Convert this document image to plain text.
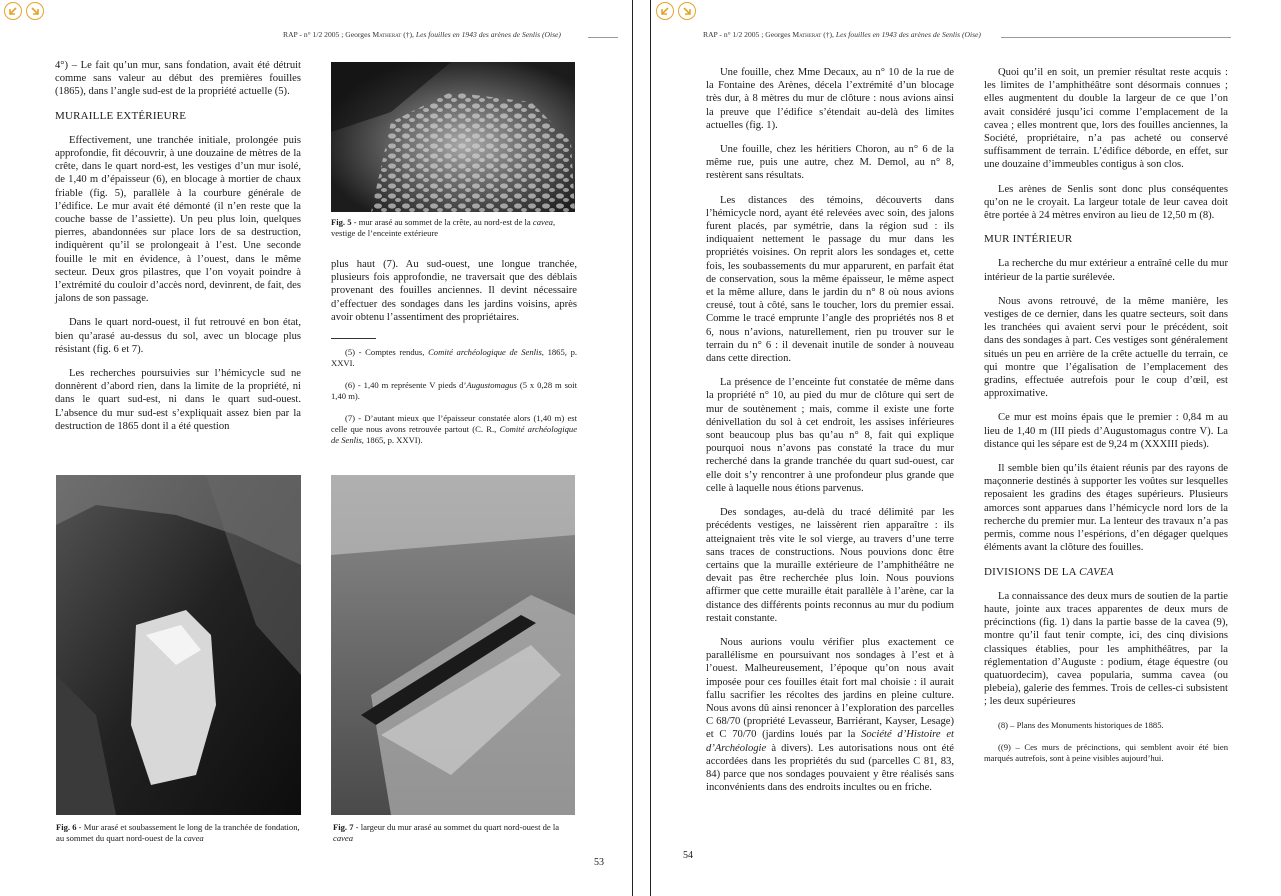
RAP - n° 1/2 2005 ; Georges Matherat (†), Les fouilles en 1943 des arènes de Senlis (Oise)

4°) – Le fait qu’un mur, sans fondation, avait été détruit comme sans valeur au début des premières fouilles (1865), dans l’angle sud-est de la propriété actuelle (5).

MURAILLE EXTÉRIEURE

Effectivement, une tranchée initiale, prolongée puis approfondie, fit découvrir, à une douzaine de mètres de la crête, dans le quart nord-est, les vestiges d’un mur isolé, de 1,40 m d’épaisseur (6), en blocage à mortier de chaux friable (fig. 5), parallèle à la courbure générale de l’édifice. Le mur avait été démonté (il n’en reste que la couche basse de l’assiette). Un peu plus loin, quelques pierres, abandonnées sur place lors de sa destruction, indiquèrent qu’il se prolongeait à l’est. Une seconde fouille le mit en évidence, à l’ouest, dans le même secteur. Deux gros pilastres, que l’on voyait poindre à l’extrémité du couloir d’accès nord, devinrent, de fait, des jalons de son passage.

Dans le quart nord-ouest, il fut retrouvé en bon état, bien qu’arasé au-dessus du sol, avec un blocage plus résistant (fig. 6 et 7).

Les recherches poursuivies sur l’hémicycle sud ne donnèrent d’abord rien, dans la limite de la propriété, ni dans le quart sud-est, ni dans le quart sud-ouest. L’absence du mur sud-est s’expliquait assez bien par la destruction de 1865 dont il a été question

Fig. 5 - mur arasé au sommet de la crête, au nord-est de la cavea, vestige de l’enceinte extérieure

plus haut (7). Au sud-ouest, une longue tranchée, plusieurs fois approfondie, ne traversait que des déblais provenant des fouilles anciennes. Il devint nécessaire d’effectuer des sondages dans les jardins voisins, après avoir obtenu l’assentiment des propriétaires.

(5) - Comptes rendus, Comité archéologique de Senlis, 1865, p. XXVI.

(6) - 1,40 m représente V pieds d’Augustomagus (5 x 0,28 m soit 1,40 m).

(7) - D’autant mieux que l’épaisseur constatée alors (1,40 m) est celle que nous avons retrouvée partout (C. R., Comité archéologique de Senlis, 1865, p. XXVI).

Fig. 6 - Mur arasé et soubassement le long de la tranchée de fondation, au sommet du quart nord-ouest de la cavea
Fig. 7 - largeur du mur arasé au sommet du quart nord-ouest de la cavea
53
RAP - n° 1/2 2005 ; Georges Matherat (†), Les fouilles en 1943 des arènes de Senlis (Oise)

Une fouille, chez Mme Decaux, au n° 10 de la rue de la Fontaine des Arènes, décela l’extrémité d’un blocage très dur, à 8 mètres du mur de clôture : nous avions ainsi la preuve que l’édifice s’étendait au-delà des limites actuelles (fig. 1).

Une fouille, chez les héritiers Choron, au n° 6 de la même rue, puis une autre, chez M. Demol, au n° 8, restèrent sans résultats.

Les distances des témoins, découverts dans l’hémicycle nord, ayant été relevées avec soin, des jalons furent placés, par symétrie, dans la région sud : ils indiquaient nettement le passage du mur dans les propriétés voisines. On reprit alors les sondages et, cette fois, les soubassements du mur apparurent, en parfait état de conservation, sous la même épaisseur, le même aspect et la même allure, dans le jardin du n° 8 où nous avions creusé, tout à côté, sans le toucher, lors du premier essai. Comme le tracé emprunte l’angle des propriétés nos 8 et 6, nous n’avions, naturellement, rien pu trouver sur le terrain du n° 6 : il devenait inutile de sonder à nouveau dans cette direction.

La présence de l’enceinte fut constatée de même dans la propriété n° 10, au pied du mur de clôture qui sert de mur de soutènement ; mais, comme il existe une forte dénivellation du sol à cet endroit, les assises inférieures sont beaucoup plus bas qu’au n° 8, fait qui explique pourquoi nous n’avons pas constaté la trace du mur recherché dans la grande tranchée du quart sud-ouest, car elle doit s’y rencontrer à une profondeur plus grande que celle à laquelle nous étions parvenus.

Des sondages, au-delà du tracé délimité par les précédents vestiges, ne laissèrent rien apparaître : ils atteignaient très vite le sol vierge, au travers d’une terre sans traces de constructions. Nous pouvions donc être certains que la muraille extérieure de l’amphithéâtre ne devait pas être recherchée plus loin. Nous pouvions affirmer que cette muraille était parallèle à l’arène, car la distance des différents points reconnus au mur du podium restait constante.

Nous aurions voulu vérifier plus exactement ce parallélisme en poursuivant nos sondages à l’est et à l’ouest. Malheureusement, l’époque qu’on nous avait imposée pour ces fouilles était fort mal choisie : il aurait fallu sacrifier les récoltes des jardins en pleine culture. Nous avons dû ainsi renoncer à l’exploration des parcelles C 68/70 (propriété Levasseur, Barriérant, Kayser, Lesage) et C 70/70 (jardins loués par la Société d’Histoire et d’Archéologie à divers). Les autorisations nous ont été accordées dans les propriétés du sud (parcelles C 81, 83, 84) parce que nos sondages pouvaient y être réalisés sans inconvénients dans des endroits incultes ou en friche.

Quoi qu’il en soit, un premier résultat reste acquis : les limites de l’amphithéâtre sont désormais connues ; elles augmentent du double la largeur de ce que l’on avait considéré jusqu’ici comme l’emplacement de la cavea ; elles montrent que, lors des fouilles anciennes, la Société, propriétaire, n’a pas acheté ou conservé suffisamment de terrain. L’édifice déborde, en effet, sur une douzaine d’immeubles contigus à son clos.

Les arènes de Senlis sont donc plus conséquentes qu’on ne le croyait. La largeur totale de leur cavea doit être portée à 24 mètres environ au lieu de 12,50 m (8).

MUR INTÉRIEUR

La recherche du mur extérieur a entraîné celle du mur intérieur de la partie surélevée.

Nous avons retrouvé, de la même manière, les vestiges de ce dernier, dans les quatre secteurs, soit dans les tranchées qui avaient servi pour le précédent, soit dans des sondages à part. Ces vestiges sont généralement situés un peu en arrière de la crête actuelle du terrain, ce qui montre que l’égalisation de l’emplacement des gradins, effectuée autrefois pour le coup d’œil, est approximative.

Ce mur est moins épais que le premier : 0,84 m au lieu de 1,40 m (III pieds d’Augustomagus contre V). La distance qui les sépare est de 9,24 m (XXXIII pieds).

Il semble bien qu’ils étaient réunis par des rayons de maçonnerie destinés à supporter les voûtes sur lesquelles reposaient les gradins des étages supérieurs. Plusieurs amorces sont apparues dans l’hémicycle nord lors de la recherche du premier mur. La lenteur des travaux n’a pas permis, comme nous l’espérions, d’en dégager quelques éléments avant la clôture des fouilles.

DIVISIONS DE LA CAVEA

La connaissance des deux murs de soutien de la partie haute, jointe aux traces apparentes de deux murs de précinctions (fig. 1) dans la partie basse de la cavea (9), montre qu’il faut tenir compte, ici, des cinq divisions classiques établies, pour les amphithéâtres, par la réglementation d’Auguste : podium, étage équestre (ou quatuordecim), cavea popularia, summa cavea (ou plebeia), galerie des femmes. Trois de celles-ci subsistent ; les deux supérieures

(8) – Plans des Monuments historiques de 1885.

((9) – Ces murs de précinctions, qui semblent avoir été bien marqués autrefois, sont à peine visibles aujourd’hui.

54
